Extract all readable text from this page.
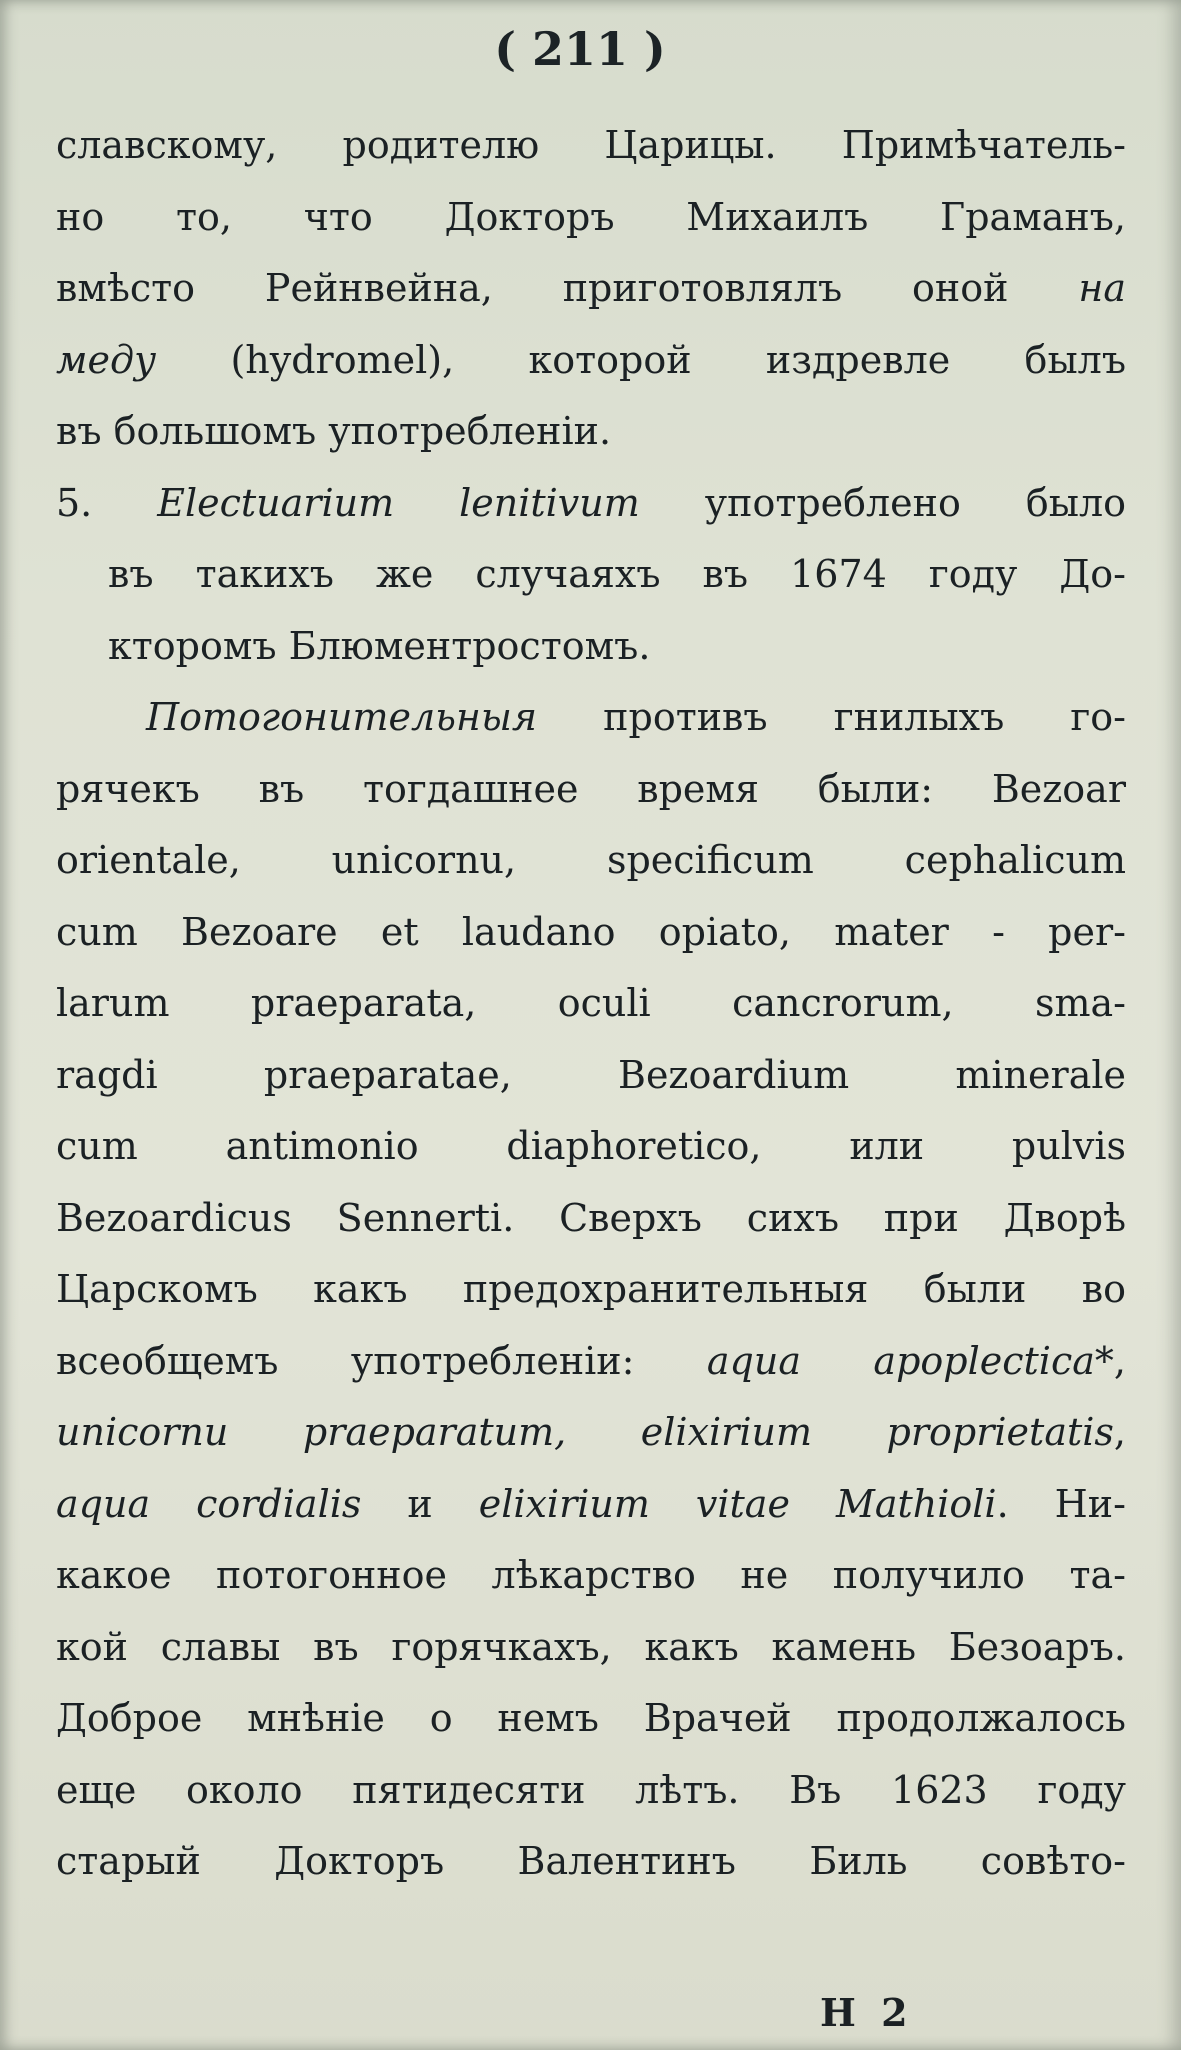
( 211 )
славскому, родителю Царицы. Примѣчатель-
но то, что Докторъ Михаилъ Граманъ,
вмѣсто Рейнвейна, приготовлялъ оной на
меду (hydromel), которой издревле былъ
въ большомъ употребленіи.
5. Electuarium lenitivum употреблено было
въ такихъ же случаяхъ въ 1674 году До-
кторомъ Блюментростомъ.
Потогонительныя противъ гнилыхъ го-
рячекъ въ тогдашнее время были: Bezoar
orientale, unicornu, specificum cephalicum
cum Bezoare et laudano opiato, mater - per-
larum praeparata, oculi cancrorum, sma-
ragdi praeparatae, Bezoardium minerale
cum antimonio diaphoretico, или pulvis
Bezoardicus Sennerti. Сверхъ сихъ при Дворѣ
Царскомъ какъ предохранительныя были во
всеобщемъ употребленіи: aqua apoplectica*,
unicornu praeparatum, elixirium proprietatis,
aqua cordialis и elixirium vitae Mathioli. Ни-
какое потогонное лѣкарство не получило та-
кой славы въ горячкахъ, какъ камень Безоаръ.
Доброе мнѣніе о немъ Врачей продолжалось
еще около пятидесяти лѣтъ. Въ 1623 году
старый Докторъ Валентинъ Биль совѣто-
Н 2
